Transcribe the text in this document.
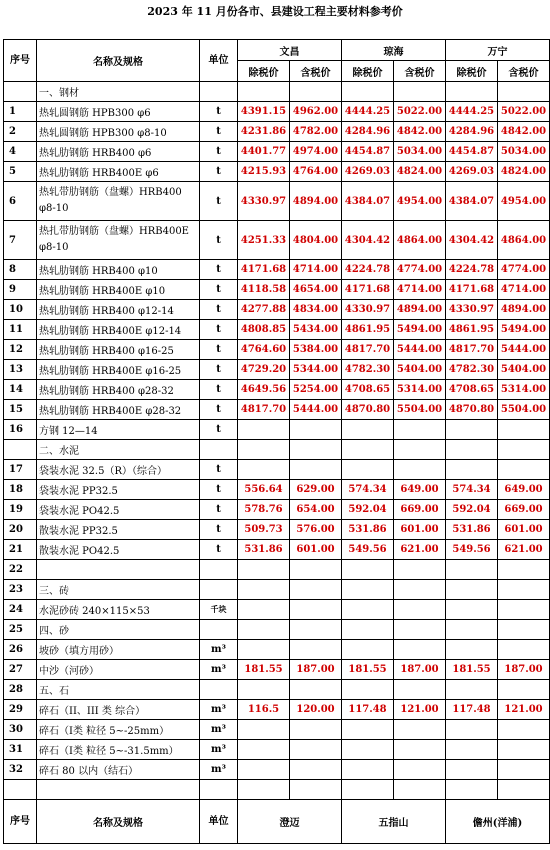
2023 年 11 月份各市、县建设工程主要材料参考价
序号	名称及规格	单位	文昌		琼海		万宁	
			除税价	含税价	除税价	含税价	除税价	含税价
	一、钢材							
1	热轧圆钢筋 HPB300 φ6	t	4391.15	4962.00	4444.25	5022.00	4444.25	5022.00
2	热轧圆钢筋 HPB300 φ8-10	t	4231.86	4782.00	4284.96	4842.00	4284.96	4842.00
4	热轧肋钢筋 HRB400 φ6	t	4401.77	4974.00	4454.87	5034.00	4454.87	5034.00
5	热轧肋钢筋 HRB400E φ6	t	4215.93	4764.00	4269.03	4824.00	4269.03	4824.00
6	热轧带肋钢筋（盘螺）HRB400 φ8-10	t	4330.97	4894.00	4384.07	4954.00	4384.07	4954.00
7	热扎带肋钢筋（盘螺）HRB400E φ8-10	t	4251.33	4804.00	4304.42	4864.00	4304.42	4864.00
8	热轧肋钢筋 HRB400 φ10	t	4171.68	4714.00	4224.78	4774.00	4224.78	4774.00
9	热轧肋钢筋 HRB400E φ10	t	4118.58	4654.00	4171.68	4714.00	4171.68	4714.00
10	热轧肋钢筋 HRB400 φ12-14	t	4277.88	4834.00	4330.97	4894.00	4330.97	4894.00
11	热轧肋钢筋 HRB400E φ12-14	t	4808.85	5434.00	4861.95	5494.00	4861.95	5494.00
12	热轧肋钢筋 HRB400 φ16-25	t	4764.60	5384.00	4817.70	5444.00	4817.70	5444.00
13	热轧肋钢筋 HRB400E φ16-25	t	4729.20	5344.00	4782.30	5404.00	4782.30	5404.00
14	热轧肋钢筋 HRB400 φ28-32	t	4649.56	5254.00	4708.65	5314.00	4708.65	5314.00
15	热轧肋钢筋 HRB400E φ28-32	t	4817.70	5444.00	4870.80	5504.00	4870.80	5504.00
16	方钢 12—14	t						
	二、水泥							
17	袋装水泥 32.5（R）（综合）	t						
18	袋装水泥 PP32.5	t	556.64	629.00	574.34	649.00	574.34	649.00
19	袋装水泥 PO42.5	t	578.76	654.00	592.04	669.00	592.04	669.00
20	散装水泥 PP32.5	t	509.73	576.00	531.86	601.00	531.86	601.00
21	散装水泥 PO42.5	t	531.86	601.00	549.56	621.00	549.56	621.00
22								
23	三、砖							
24	水泥砂砖 240×115×53	千块						
25	四、砂							
26	坡砂（填方用砂）	m³						
27	中沙（河砂）	m³	181.55	187.00	181.55	187.00	181.55	187.00
28	五、石							
29	碎石（II、III 类 综合）	m³	116.5	120.00	117.48	121.00	117.48	121.00
30	碎石（I类 粒径 5~-25mm）	m³						
31	碎石（I类 粒径 5~-31.5mm）	m³						
32	碎石 80 以内（结石）	m³						

序号	名称及规格	单位	澄迈		五指山		儋州(洋浦)	
